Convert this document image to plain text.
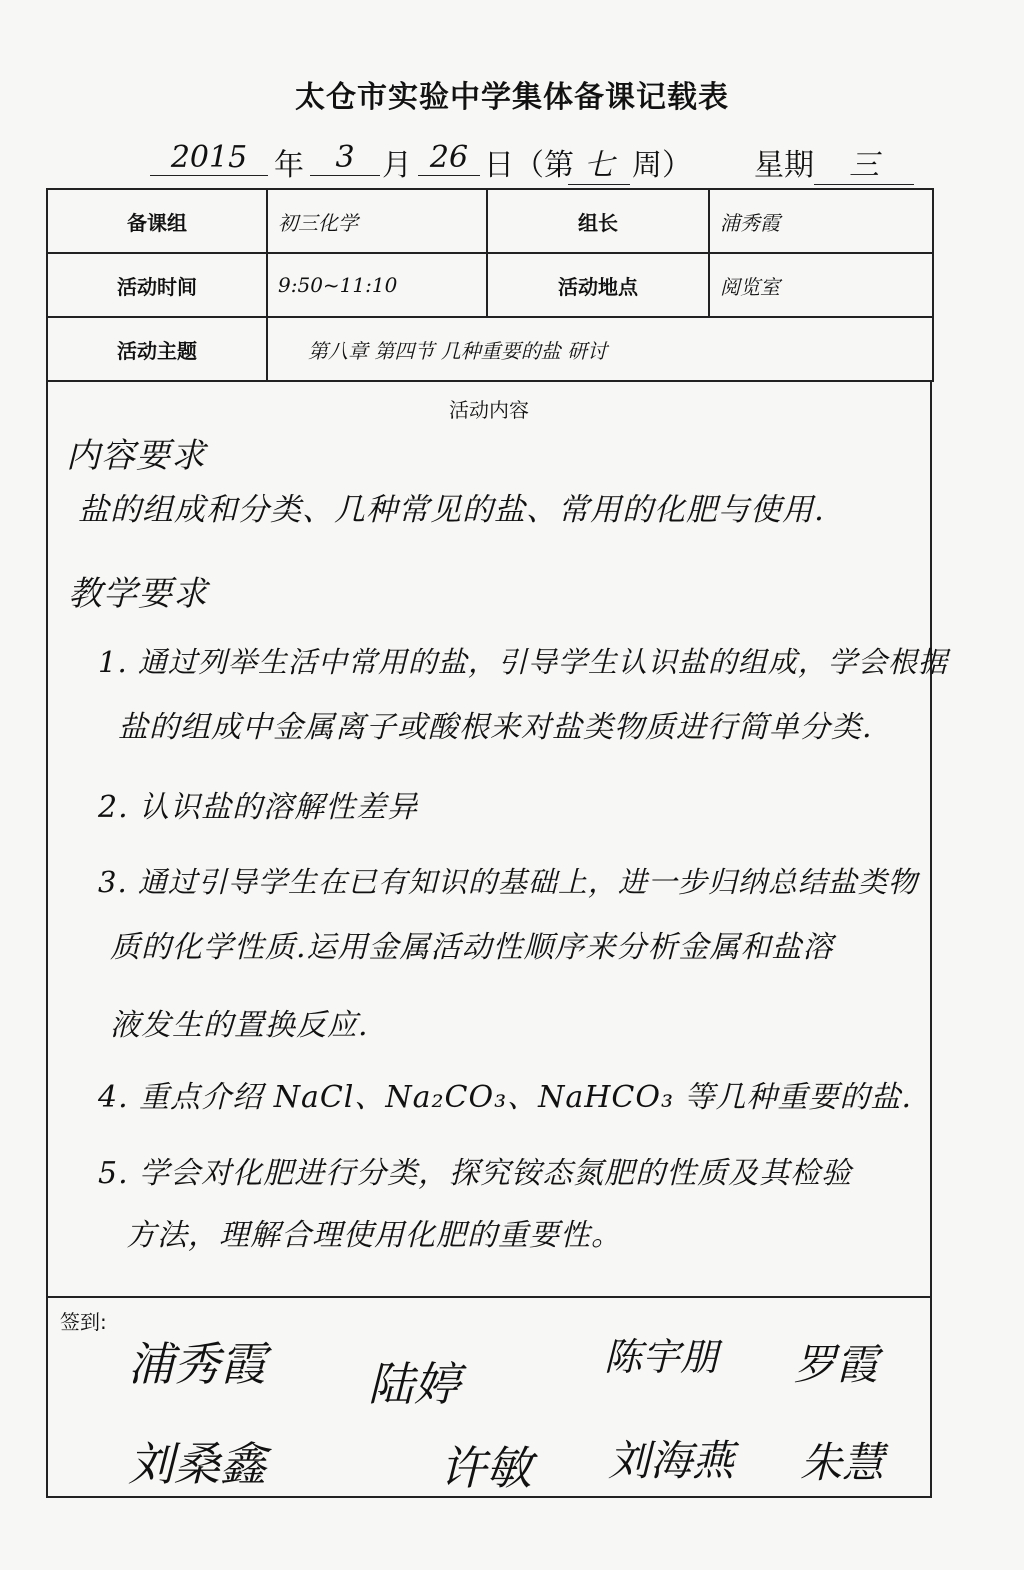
太仓市实验中学集体备课记载表
2015 年	3 月 26 日（第 七 周） 星期	三
备课组	初三化学	组长	浦秀霞
活动时间	9:50~11:10	活动地点	阅览室
活动主题	第八章 第四节 几种重要的盐 研讨		
活动内容
内容要求
盐的组成和分类、几种常见的盐、常用的化肥与使用.
教学要求
1. 通过列举生活中常用的盐，引导学生认识盐的组成，学会根据
盐的组成中金属离子或酸根来对盐类物质进行简单分类.
2. 认识盐的溶解性差异
3. 通过引导学生在已有知识的基础上，进一步归纳总结盐类物
质的化学性质.运用金属活动性顺序来分析金属和盐溶
液发生的置换反应.
4. 重点介绍 NaCl、Na₂CO₃、NaHCO₃ 等几种重要的盐.
5. 学会对化肥进行分类，探究铵态氮肥的性质及其检验
方法，理解合理使用化肥的重要性。
签到:
浦秀霞 陆婷	陈宇朋 罗霞
刘桑鑫	许敏 刘海燕 朱慧
